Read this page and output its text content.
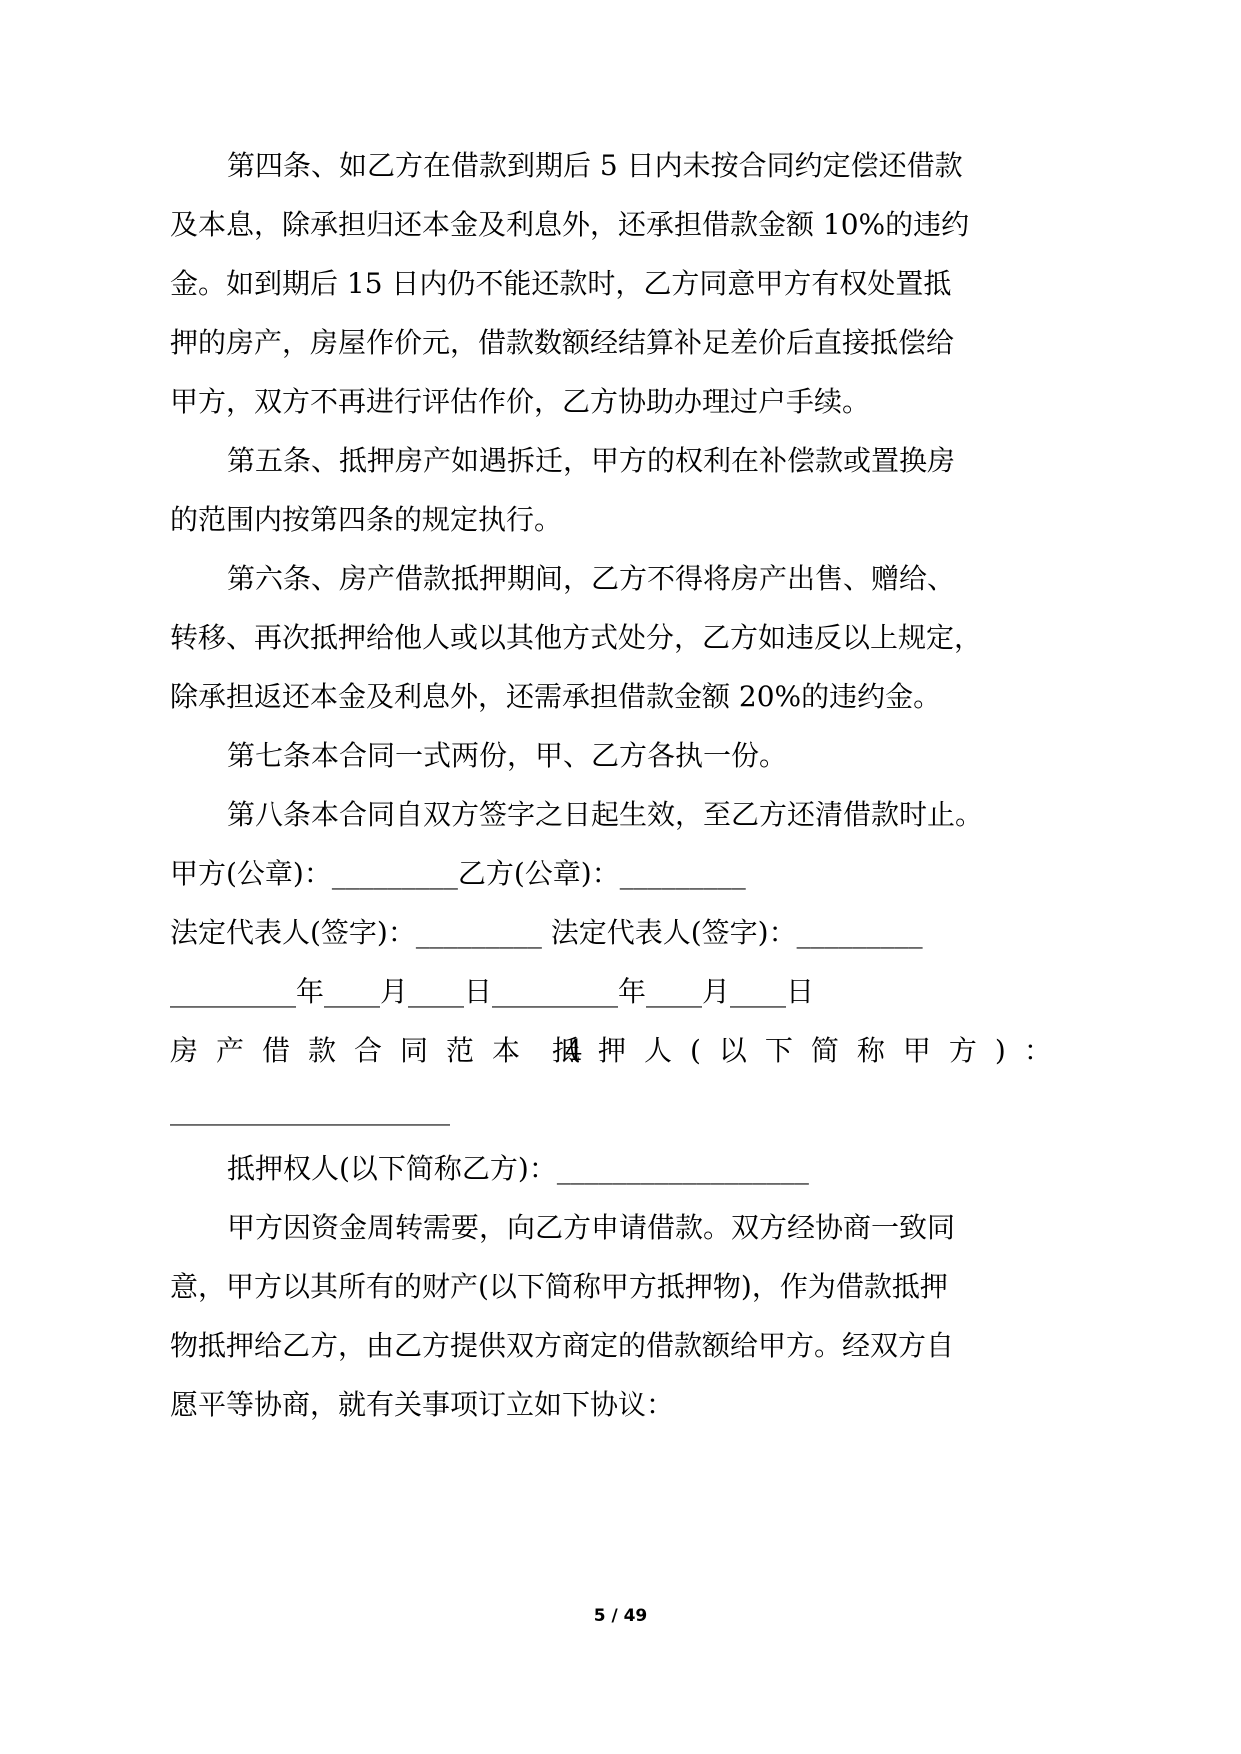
第四条、如乙方在借款到期后 5 日内未按合同约定偿还借款
及本息，除承担归还本金及利息外，还承担借款金额 10%的违约
金。如到期后 15 日内仍不能还款时，乙方同意甲方有权处置抵
押的房产，房屋作价元，借款数额经结算补足差价后直接抵偿给
甲方，双方不再进行评估作价，乙方协助办理过户手续。
第五条、抵押房产如遇拆迁，甲方的权利在补偿款或置换房
的范围内按第四条的规定执行。
第六条、房产借款抵押期间，乙方不得将房产出售、赠给、
转移、再次抵押给他人或以其他方式处分，乙方如违反以上规定，
除承担返还本金及利息外，还需承担借款金额 20%的违约金。
第七条本合同一式两份，甲、乙方各执一份。
第八条本合同自双方签字之日起生效，至乙方还清借款时止。
甲方(公章)：_________乙方(公章)：_________
法定代表人(签字)：_________ 法定代表人(签字)：_________
_________年____月____日_________年____月____日
房产借款合同范本 4
抵押人(以下简称甲方)：
____________________
抵押权人(以下简称乙方)：__________________
甲方因资金周转需要，向乙方申请借款。双方经协商一致同
意，甲方以其所有的财产(以下简称甲方抵押物)，作为借款抵押
物抵押给乙方，由乙方提供双方商定的借款额给甲方。经双方自
愿平等协商，就有关事项订立如下协议：
5 / 49
